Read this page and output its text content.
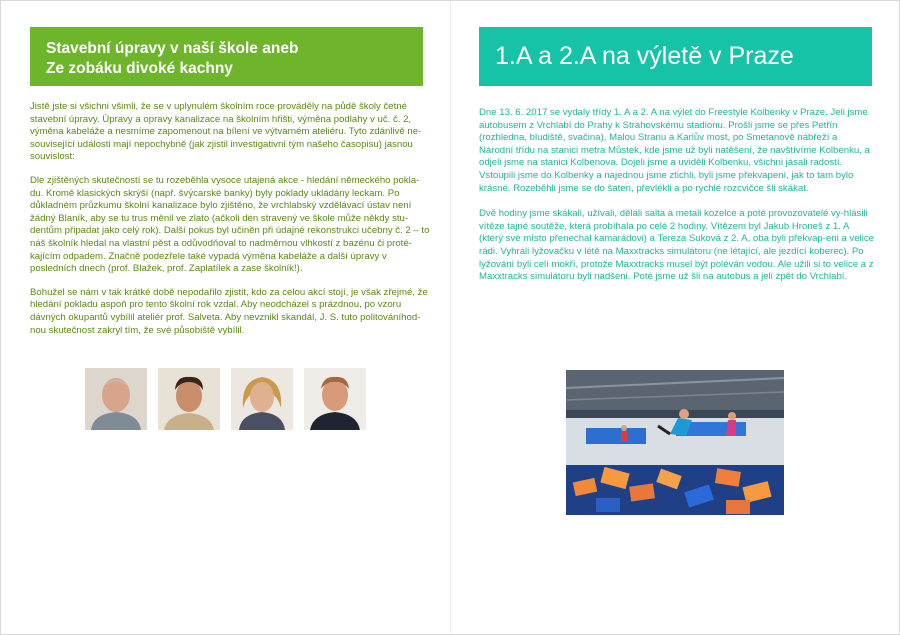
Stavební úpravy v naší škole aneb
Ze zobáku divoké kachny

Jistě jste si všichni všimli, že se v uplynulém školním roce prováděly na půdě školy četné stavební úpravy. Úpravy a opravy kanalizace na školním hřišti, výměna podlahy v uč. č. 2, výměna kabeláže a nesmíme zapomenout na bílení ve výtvarném ateliéru. Tyto zdánlivě ne-související události mají nepochybně (jak zjistil investigativní tým našeho časopisu) jasnou souvislost:

Dle zjištěných skutečností se tu rozeběhla vysoce utajená akce - hledání německého pokla-du. Kromě klasických skrýší (např. švýcarské banky) byly poklady ukládány leckam. Po důkladném průzkumu školní kanalizace bylo zjištěno, že vrchlabský vzdělávací ústav není žádný Blaník, aby se tu trus měnil ve zlato (ačkoli den stravený ve škole může někdy stu-dentům připadat jako celý rok). Další pokus byl učiněn při údajné rekonstrukci učebny č. 2 – to náš školník hledal na vlastní pěst a odůvodňoval to nadměrnou vlhkostí z bazénu či proté-kajícím odpadem. Značně podezřele také vypadá výměna kabeláže a další úpravy v posledních dnech (prof. Blažek, prof. Zaplatílek a zase školník!).

Bohužel se nám v tak krátké době nepodařilo zjistit, kdo za celou akcí stojí, je však zřejmé, že hledání pokladu aspoň pro tento školní rok vzdal. Aby neodcházel s prázdnou, po vzoru dávných okupantů vybílil ateliér prof. Salveta. Aby nevznikl skandál, J. S. tuto politováníhod-nou skutečnost zakryl tím, že své působiště vybílil.

1.A a 2.A na výletě v Praze

Dne 13. 6. 2017 se vydaly třídy 1. A a 2. A na výlet do Freestyle Kolbenky v Praze. Jeli jsme autobusem z Vrchlabí do Prahy k Strahovskému stadionu. Prošli jsme se přes Petřín (rozhledna, bludiště, svačina), Malou Stranu a Karlův most, po Smetanově nábřeží a Národní třídu na stanici metra Můstek, kde jsme už byli natěšení, že navštívíme Kolbenku, a odjeli jsme na stanici Kolbenova. Dojeli jsme a uviděli Kolbenku, všichni jásali radostí. Vstoupili jsme do Kolbenky a najednou jsme ztichli, byli jsme překvapení, jak to tam bylo krásné. Rozeběhli jsme se do šaten, převlékli a po rychlé rozcvičce šli skákat.

Dvě hodiny jsme skákali, užívali, dělali salta a metali kozelce a poté provozovatelé vy-hlásili vítěze tajné soutěže, která probíhala po celé 2 hodiny. Vítězem byl Jakub Hroneš z 1. A (který své místo přenechal kamarádovi) a Tereza Suková z 2. A, oba byli překvap-eni a velice rádi. Vyhráli lyžovačku v létě na Maxxtracks simulátoru (ne létající, ale jezdící koberec). Po lyžování byli celí mokří, protože Maxxtracks musel být poléván vodou. Ale užili si to velice a z Maxxtracks simulátoru byli nadšeni. Poté jsme už šli na autobus a jeli zpět do Vrchlabí.
